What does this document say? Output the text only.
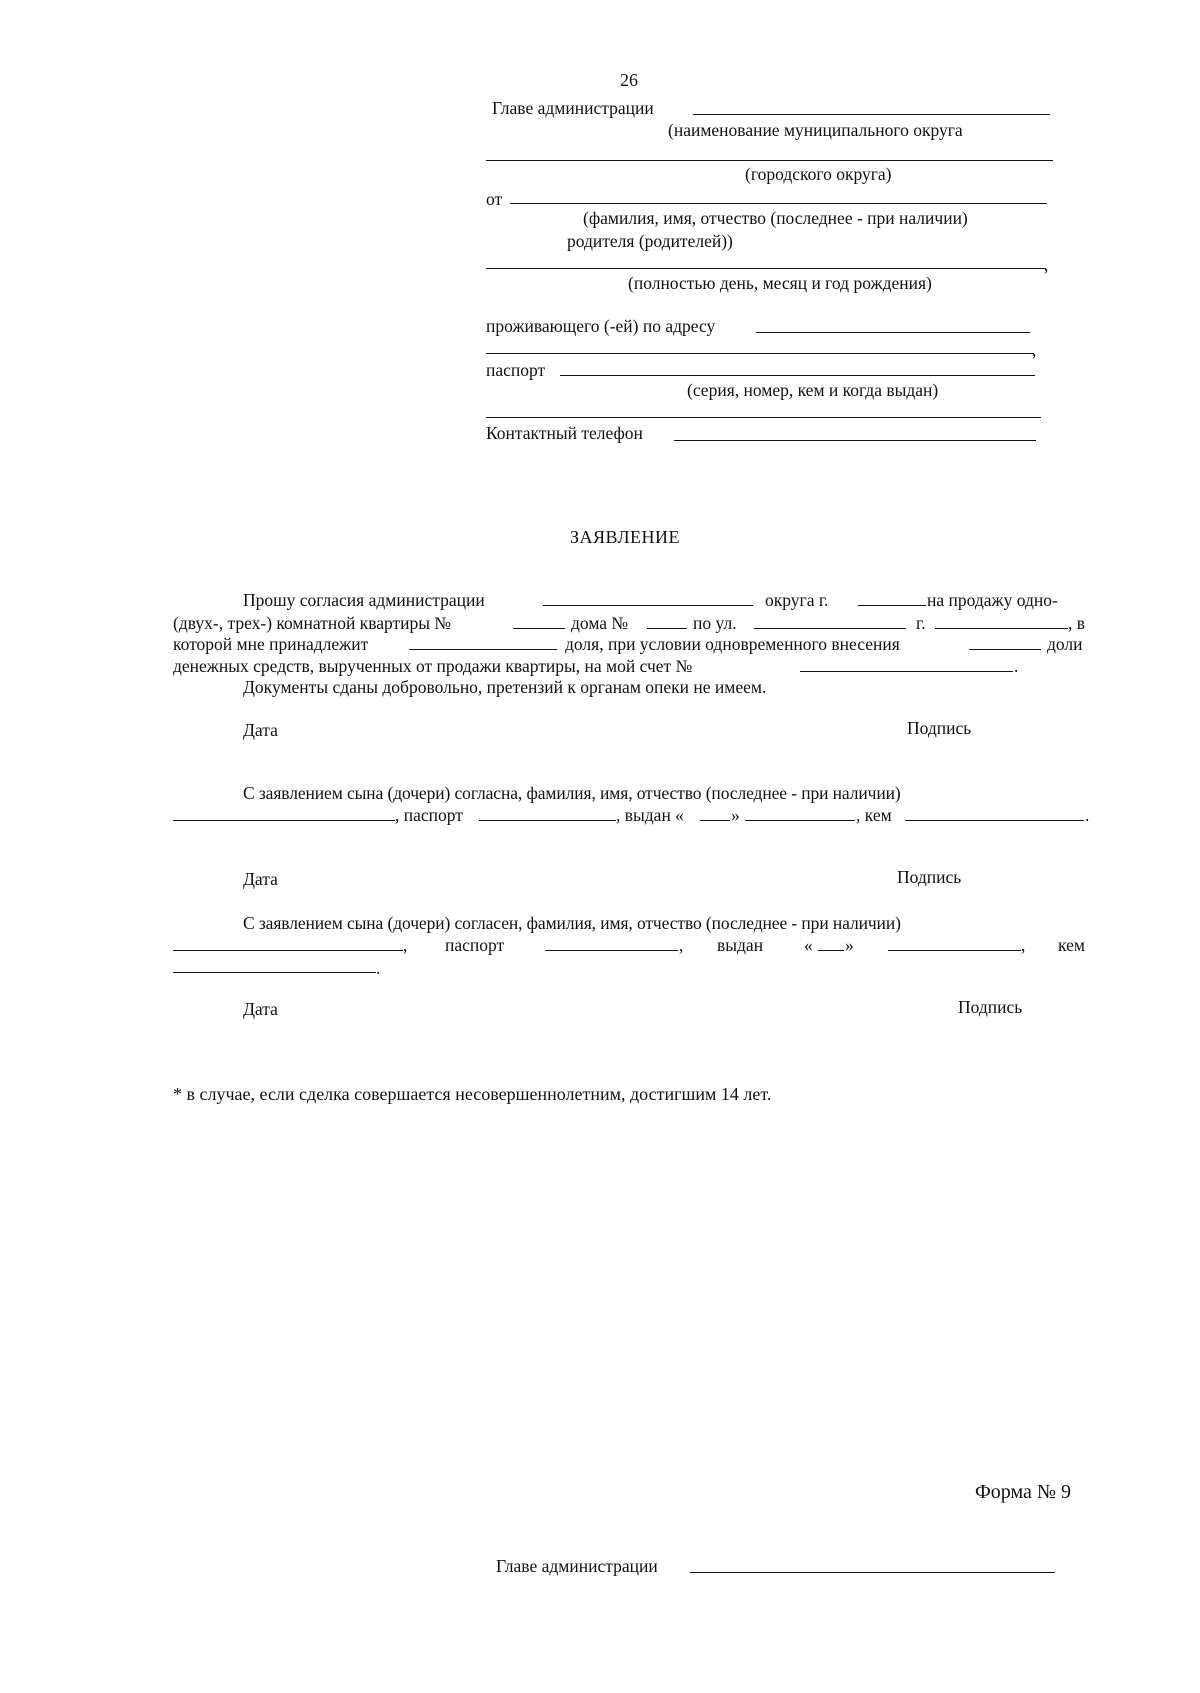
26
Главе администрации
(наименование муниципального округа
(городского округа)
от
(фамилия, имя, отчество (последнее - при наличии)
родителя (родителей))
,
(полностью день, месяц и год рождения)
проживающего (-ей) по адресу
,
паспорт
(серия, номер, кем и когда выдан)
Контактный телефон
ЗАЯВЛЕНИЕ
Прошу согласия администрации	округа г.	на продажу одно-
(двух-, трех-) комнатной квартиры №	дома №	по ул.	г.	, в
которой мне принадлежит	доля, при условии одновременного внесения	доли
денежных средств, вырученных от продажи квартиры, на мой счет №	.
Документы сданы добровольно, претензий к органам опеки не имеем.
Дата	Подпись
С заявлением сына (дочери) согласна, фамилия, имя, отчество (последнее - при наличии)
, паспорт	, выдан «	»	, кем	.
Дата	Подпись
С заявлением сына (дочери) согласен, фамилия, имя, отчество (последнее - при наличии)
, паспорт	, выдан « »	, кем
.
Дата	Подпись
* в случае, если сделка совершается несовершеннолетним, достигшим 14 лет.
Форма № 9
Главе администрации
